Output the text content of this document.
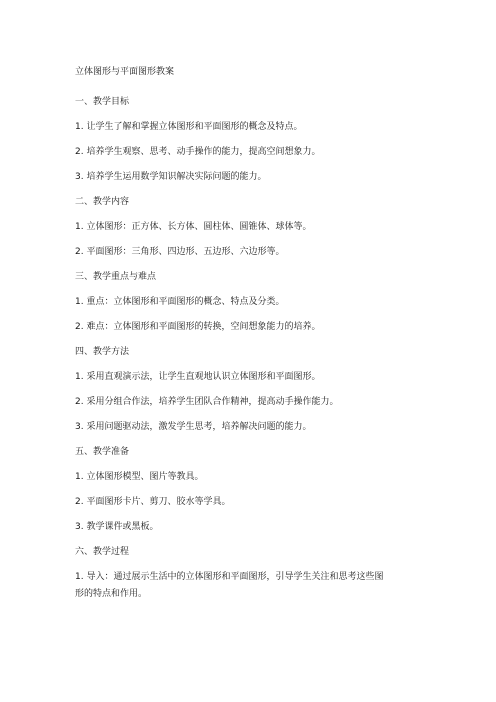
立体图形与平面图形教案
一、教学目标
1. 让学生了解和掌握立体图形和平面图形的概念及特点。
2. 培养学生观察、思考、动手操作的能力，提高空间想象力。
3. 培养学生运用数学知识解决实际问题的能力。
二、教学内容
1. 立体图形：正方体、长方体、圆柱体、圆锥体、球体等。
2. 平面图形：三角形、四边形、五边形、六边形等。
三、教学重点与难点
1. 重点：立体图形和平面图形的概念、特点及分类。
2. 难点：立体图形和平面图形的转换，空间想象能力的培养。
四、教学方法
1. 采用直观演示法，让学生直观地认识立体图形和平面图形。
2. 采用分组合作法，培养学生团队合作精神，提高动手操作能力。
3. 采用问题驱动法，激发学生思考，培养解决问题的能力。
五、教学准备
1. 立体图形模型、图片等教具。
2. 平面图形卡片、剪刀、胶水等学具。
3. 教学课件或黑板。
六、教学过程
1. 导入：通过展示生活中的立体图形和平面图形，引导学生关注和思考这些图
形的特点和作用。
